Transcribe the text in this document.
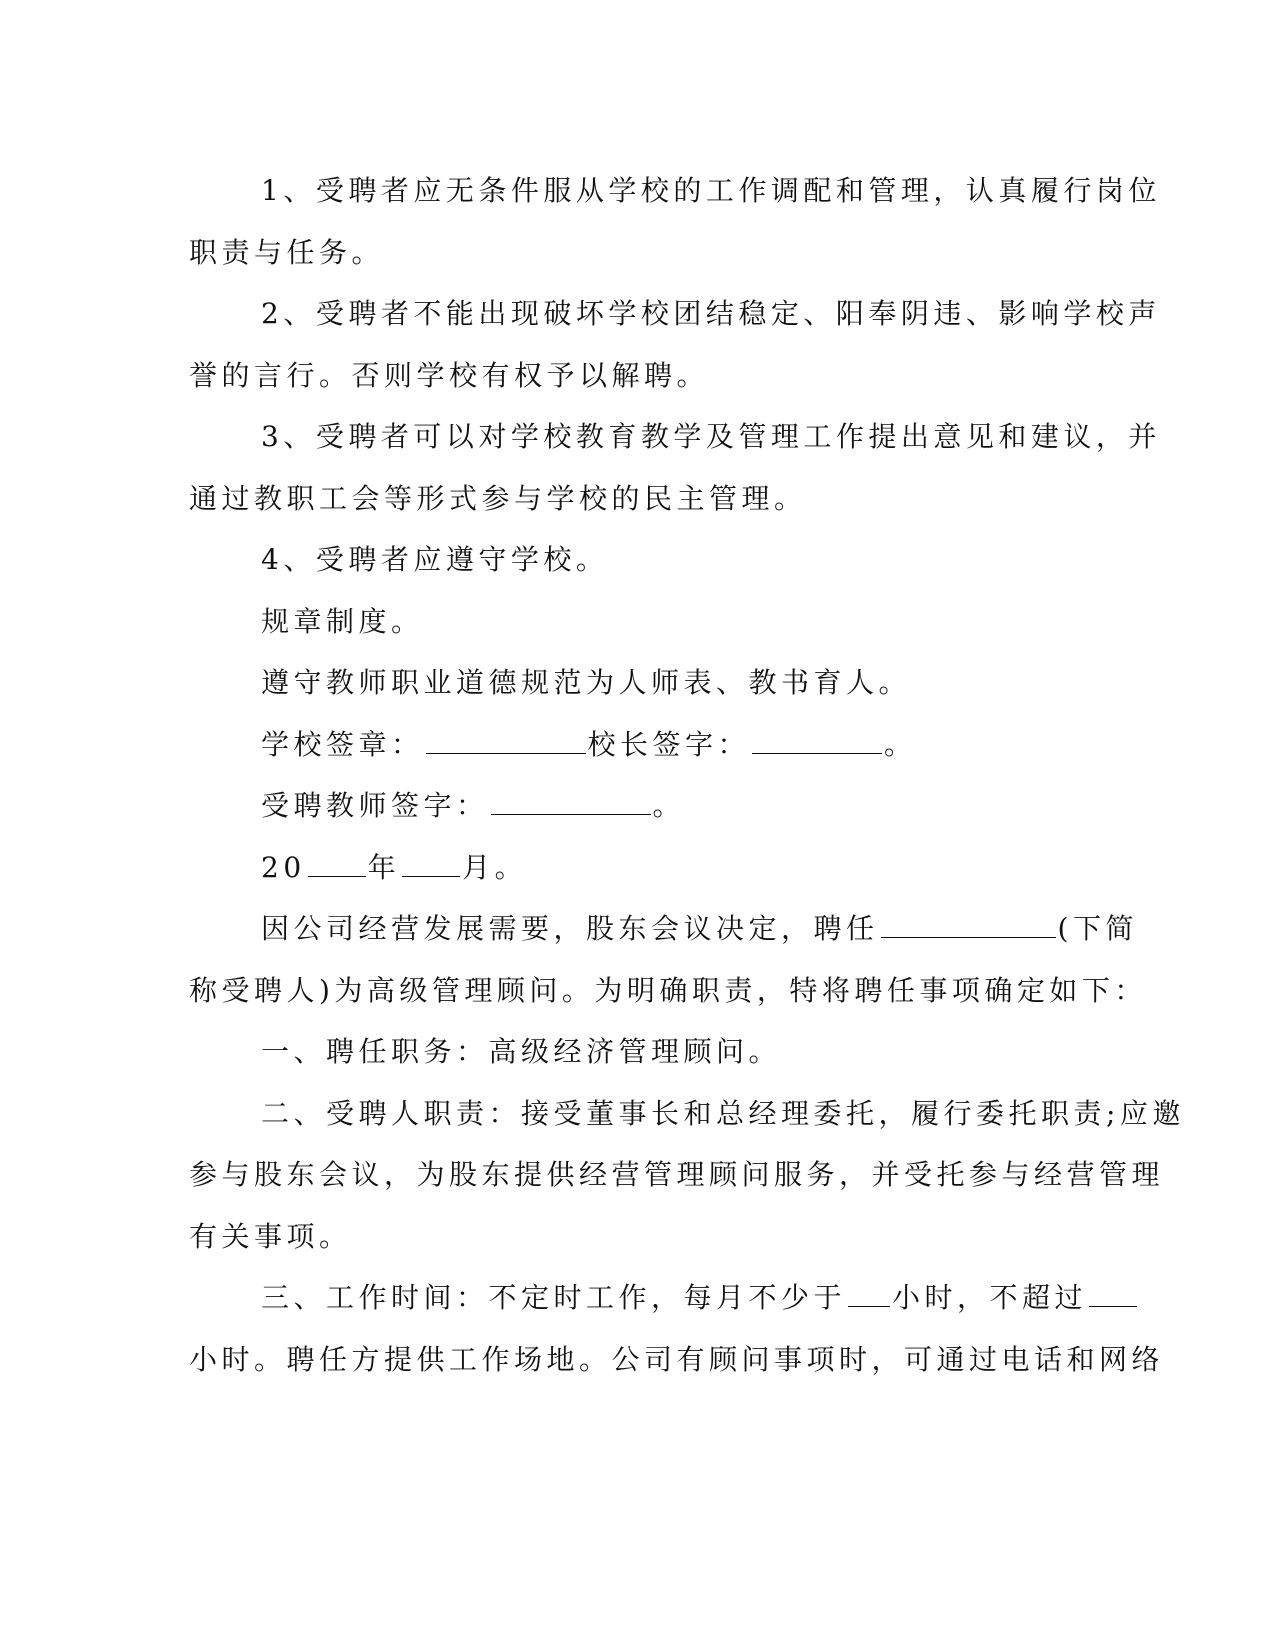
1、受聘者应无条件服从学校的工作调配和管理，认真履行岗位
职责与任务。
2、受聘者不能出现破坏学校团结稳定、阳奉阴违、影响学校声
誉的言行。否则学校有权予以解聘。
3、受聘者可以对学校教育教学及管理工作提出意见和建议，并
通过教职工会等形式参与学校的民主管理。
4、受聘者应遵守学校。
规章制度。
遵守教师职业道德规范为人师表、教书育人。
学校签章：	校长签字：	。
受聘教师签字：	。
20 年 月。
因公司经营发展需要，股东会议决定，聘任	(下简
称受聘人)为高级管理顾问。为明确职责，特将聘任事项确定如下：
一、聘任职务：高级经济管理顾问。
二、受聘人职责：接受董事长和总经理委托，履行委托职责;应邀
参与股东会议，为股东提供经营管理顾问服务，并受托参与经营管理
有关事项。
三、工作时间：不定时工作，每月不少于 小时，不超过
小时。聘任方提供工作场地。公司有顾问事项时，可通过电话和网络
